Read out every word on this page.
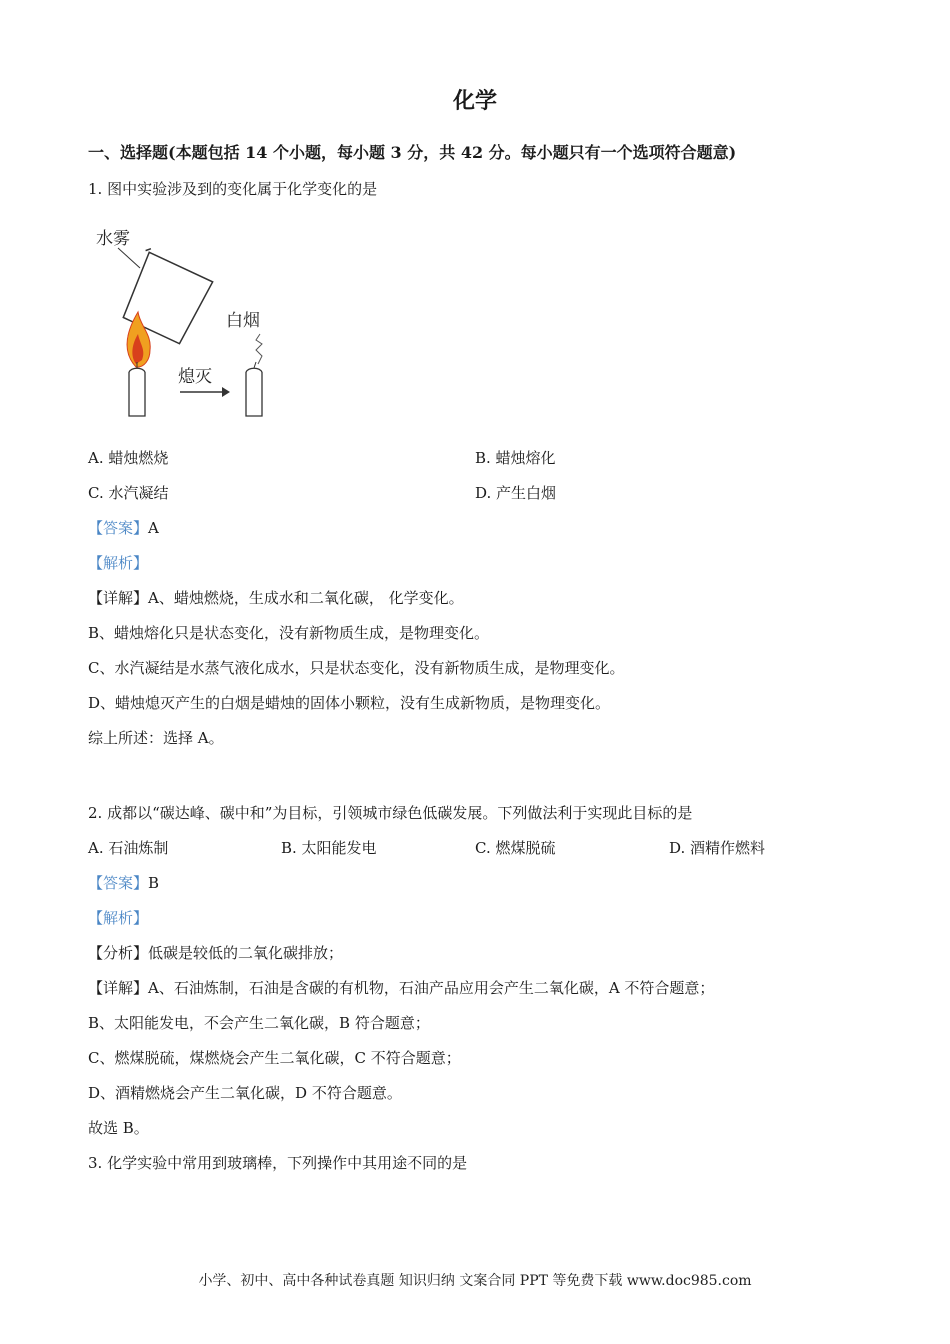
化学
一、选择题(本题包括 14 个小题，每小题 3 分，共 42 分。每小题只有一个选项符合题意)
1. 图中实验涉及到的变化属于化学变化的是
水雾
熄灭
白烟
A. 蜡烛燃烧	B. 蜡烛熔化
C. 水汽凝结	D. 产生白烟
【答案】A
【解析】
【详解】A、蜡烛燃烧，生成水和二氧化碳， 化学变化。
B、蜡烛熔化只是状态变化，没有新物质生成，是物理变化。
C、水汽凝结是水蒸气液化成水，只是状态变化，没有新物质生成，是物理变化。
D、蜡烛熄灭产生的白烟是蜡烛的固体小颗粒，没有生成新物质，是物理变化。
综上所述：选择 A。
2. 成都以“碳达峰、碳中和”为目标，引领城市绿色低碳发展。下列做法利于实现此目标的是
A. 石油炼制	B. 太阳能发电	C. 燃煤脱硫	D. 酒精作燃料
【答案】B
【解析】
【分析】低碳是较低的二氧化碳排放；
【详解】A、石油炼制，石油是含碳的有机物，石油产品应用会产生二氧化碳，A 不符合题意；
B、太阳能发电，不会产生二氧化碳，B 符合题意；
C、燃煤脱硫，煤燃烧会产生二氧化碳，C 不符合题意；
D、酒精燃烧会产生二氧化碳，D 不符合题意。
故选 B。
3. 化学实验中常用到玻璃棒，下列操作中其用途不同的是
小学、初中、高中各种试卷真题 知识归纳 文案合同 PPT 等免费下载 www.doc985.com
